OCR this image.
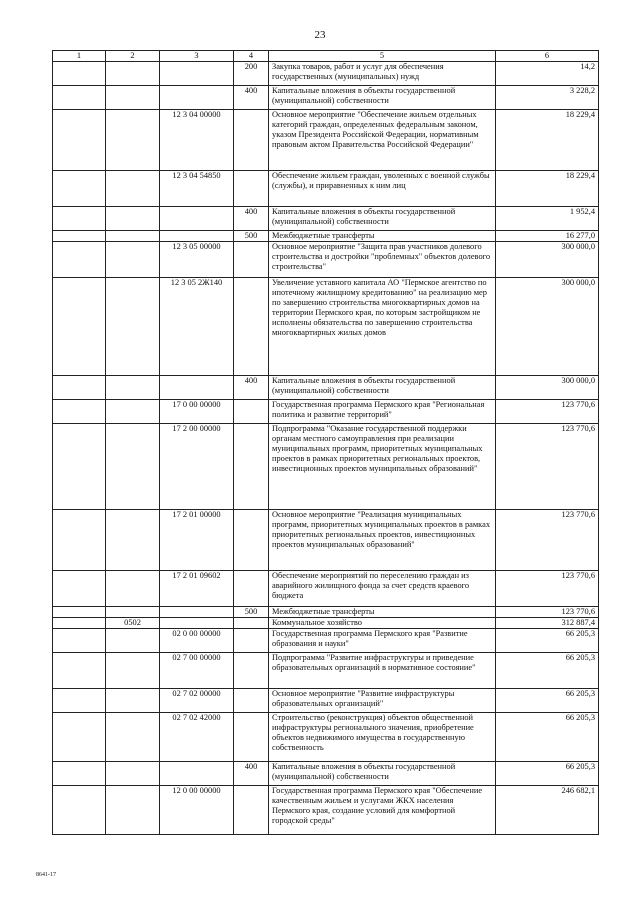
23
1	2	3	4	5	6
			200	Закупка товаров, работ и услуг для обеспечения государственных (муниципальных) нужд	14,2
			400	Капитальные вложения в объекты государственной (муниципальной) собственности	3 228,2
		12 3 04 00000		Основное мероприятие "Обеспечение жильем отдельных категорий граждан, определенных федеральным законом, указом Президента Российской Федерации, нормативным правовым актом Правительства Российской Федерации"	18 229,4
		12 3 04 54850		Обеспечение жильем граждан, уволенных с военной службы (службы), и приравненных к ним лиц	18 229,4
			400	Капитальные вложения в объекты государственной (муниципальной) собственности	1 952,4
			500	Межбюджетные трансферты	16 277,0
		12 3 05 00000		Основное мероприятие "Защита прав участников долевого строительства и достройки "проблемных" объектов долевого строительства"	300 000,0
		12 3 05 2Ж140		Увеличение уставного капитала АО "Пермское агентство по ипотечному жилищному кредитованию" на реализацию мер по завершению строительства многоквартирных домов на территории Пермского края, по которым застройщиком не исполнены обязательства по завершению строительства многоквартирных жилых домов	300 000,0
			400	Капитальные вложения в объекты государственной (муниципальной) собственности	300 000,0
		17 0 00 00000		Государственная программа Пермского края "Региональная политика и развитие территорий"	123 770,6
		17 2 00 00000		Подпрограмма "Оказание государственной поддержки органам местного самоуправления при реализации муниципальных программ, приоритетных муниципальных проектов в рамках приоритетных региональных проектов, инвестиционных проектов муниципальных образований"	123 770,6
		17 2 01 00000		Основное мероприятие "Реализация муниципальных программ, приоритетных муниципальных проектов в рамках приоритетных региональных проектов, инвестиционных проектов муниципальных образований"	123 770,6
		17 2 01 09602		Обеспечение мероприятий по переселению граждан из аварийного жилищного фонда за счет средств краевого бюджета	123 770,6
			500	Межбюджетные трансферты	123 770,6
	0502			Коммунальное хозяйство	312 887,4
		02 0 00 00000		Государственная программа Пермского края "Развитие образования и науки"	66 205,3
		02 7 00 00000		Подпрограмма "Развитие инфраструктуры и приведение образовательных организаций в нормативное состояние"	66 205,3
		02 7 02 00000		Основное мероприятие "Развитие инфраструктуры образовательных организаций"	66 205,3
		02 7 02 42000		Строительство (реконструкция) объектов общественной инфраструктуры регионального значения, приобретение объектов недвижимого имущества в государственную собственность	66 205,3
			400	Капитальные вложения в объекты государственной (муниципальной) собственности	66 205,3
		12 0 00 00000		Государственная программа Пермского края "Обеспечение качественным жильем и услугами ЖКХ населения Пермского края, создание условий для комфортной городской среды"	246 682,1
8641-17
